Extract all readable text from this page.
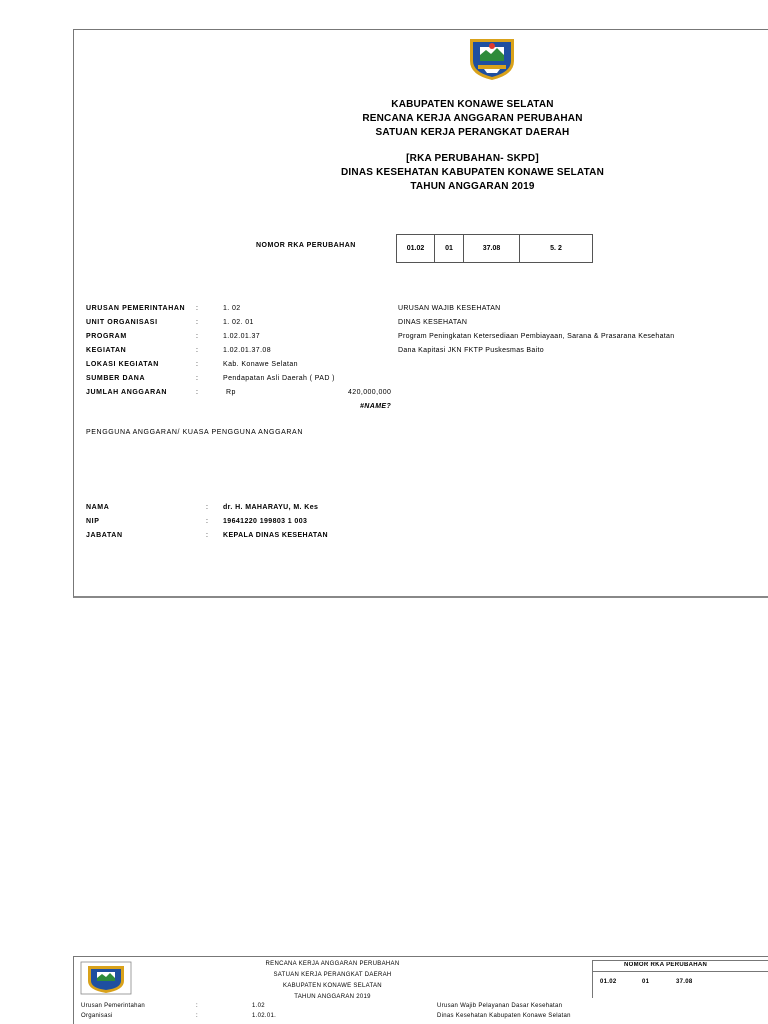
KABUPATEN KONAWE SELATAN
RENCANA KERJA ANGGARAN PERUBAHAN
SATUAN KERJA PERANGKAT DAERAH
[RKA PERUBAHAN- SKPD]
DINAS KESEHATAN KABUPATEN KONAWE SELATAN
TAHUN ANGGARAN 2019
NOMOR RKA PERUBAHAN	01.02	01	37.08	5. 2
URUSAN PEMERINTAHAN :	1. 02	URUSAN WAJIB KESEHATAN
UNIT ORGANISASI	:	1. 02. 01	DINAS KESEHATAN
PROGRAM	:	1.02.01.37	Program Peningkatan Ketersediaan Pembiayaan, Sarana & Prasarana Kesehatan
KEGIATAN	:	1.02.01.37.08	Dana Kapitasi JKN FKTP Puskesmas Baito
LOKASI KEGIATAN	:	Kab. Konawe Selatan
SUMBER DANA	:	Pendapatan Asli Daerah ( PAD )
JUMLAH ANGGARAN	:	Rp	420,000,000
#NAME?
PENGGUNA ANGGARAN/ KUASA PENGGUNA ANGGARAN
NAMA	: dr. H. MAHARAYU, M. Kes
NIP	: 19641220 199803 1 003
JABATAN	: KEPALA DINAS KESEHATAN
RENCANA KERJA ANGGARAN PERUBAHAN
SATUAN KERJA PERANGKAT DAERAH
KABUPATEN KONAWE SELATAN
TAHUN ANGGARAN 2019
NOMOR RKA PERUBAHAN
01.02	01	37.08
Urusan Pemerintahan	:	1.02	Urusan Wajib Pelayanan Dasar Kesehatan
Organisasi	:	1.02.01.	Dinas Kesehatan Kabupaten Konawe Selatan
